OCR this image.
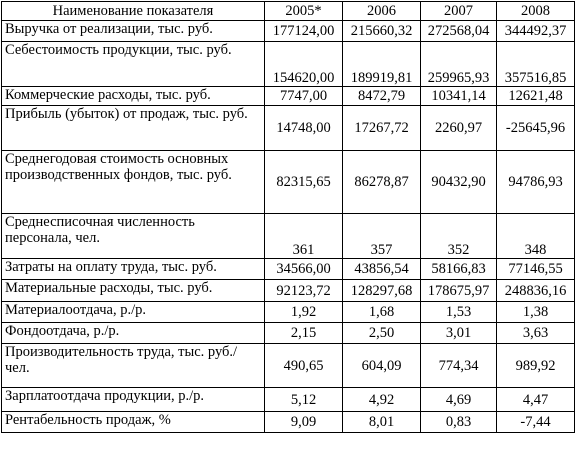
Наименование показателя	2005*	2006	2007	2008
Выручка от реализации, тыс. руб.	177124,00	215660,32	272568,04	344492,37
Себестоимость продукции, тыс. руб.	154620,00	189919,81	259965,93	357516,85
Коммерческие расходы, тыс. руб.	7747,00	8472,79	10341,14	12621,48
Прибыль (убыток) от продаж, тыс. руб.	14748,00	17267,72	2260,97	-25645,96
Среднегодовая стоимость основных производственных фондов, тыс. руб.	82315,65	86278,87	90432,90	94786,93
Среднесписочная численность персонала, чел.	361	357	352	348
Затраты на оплату труда, тыс. руб.	34566,00	43856,54	58166,83	77146,55
Материальные расходы, тыс. руб.	92123,72	128297,68	178675,97	248836,16
Материалоотдача, р./р.	1,92	1,68	1,53	1,38
Фондоотдача, р./р.	2,15	2,50	3,01	3,63
Производительность труда, тыс. руб./чел.	490,65	604,09	774,34	989,92
Зарплатоотдача продукции, р./р.	5,12	4,92	4,69	4,47
Рентабельность продаж, %	9,09	8,01	0,83	-7,44
